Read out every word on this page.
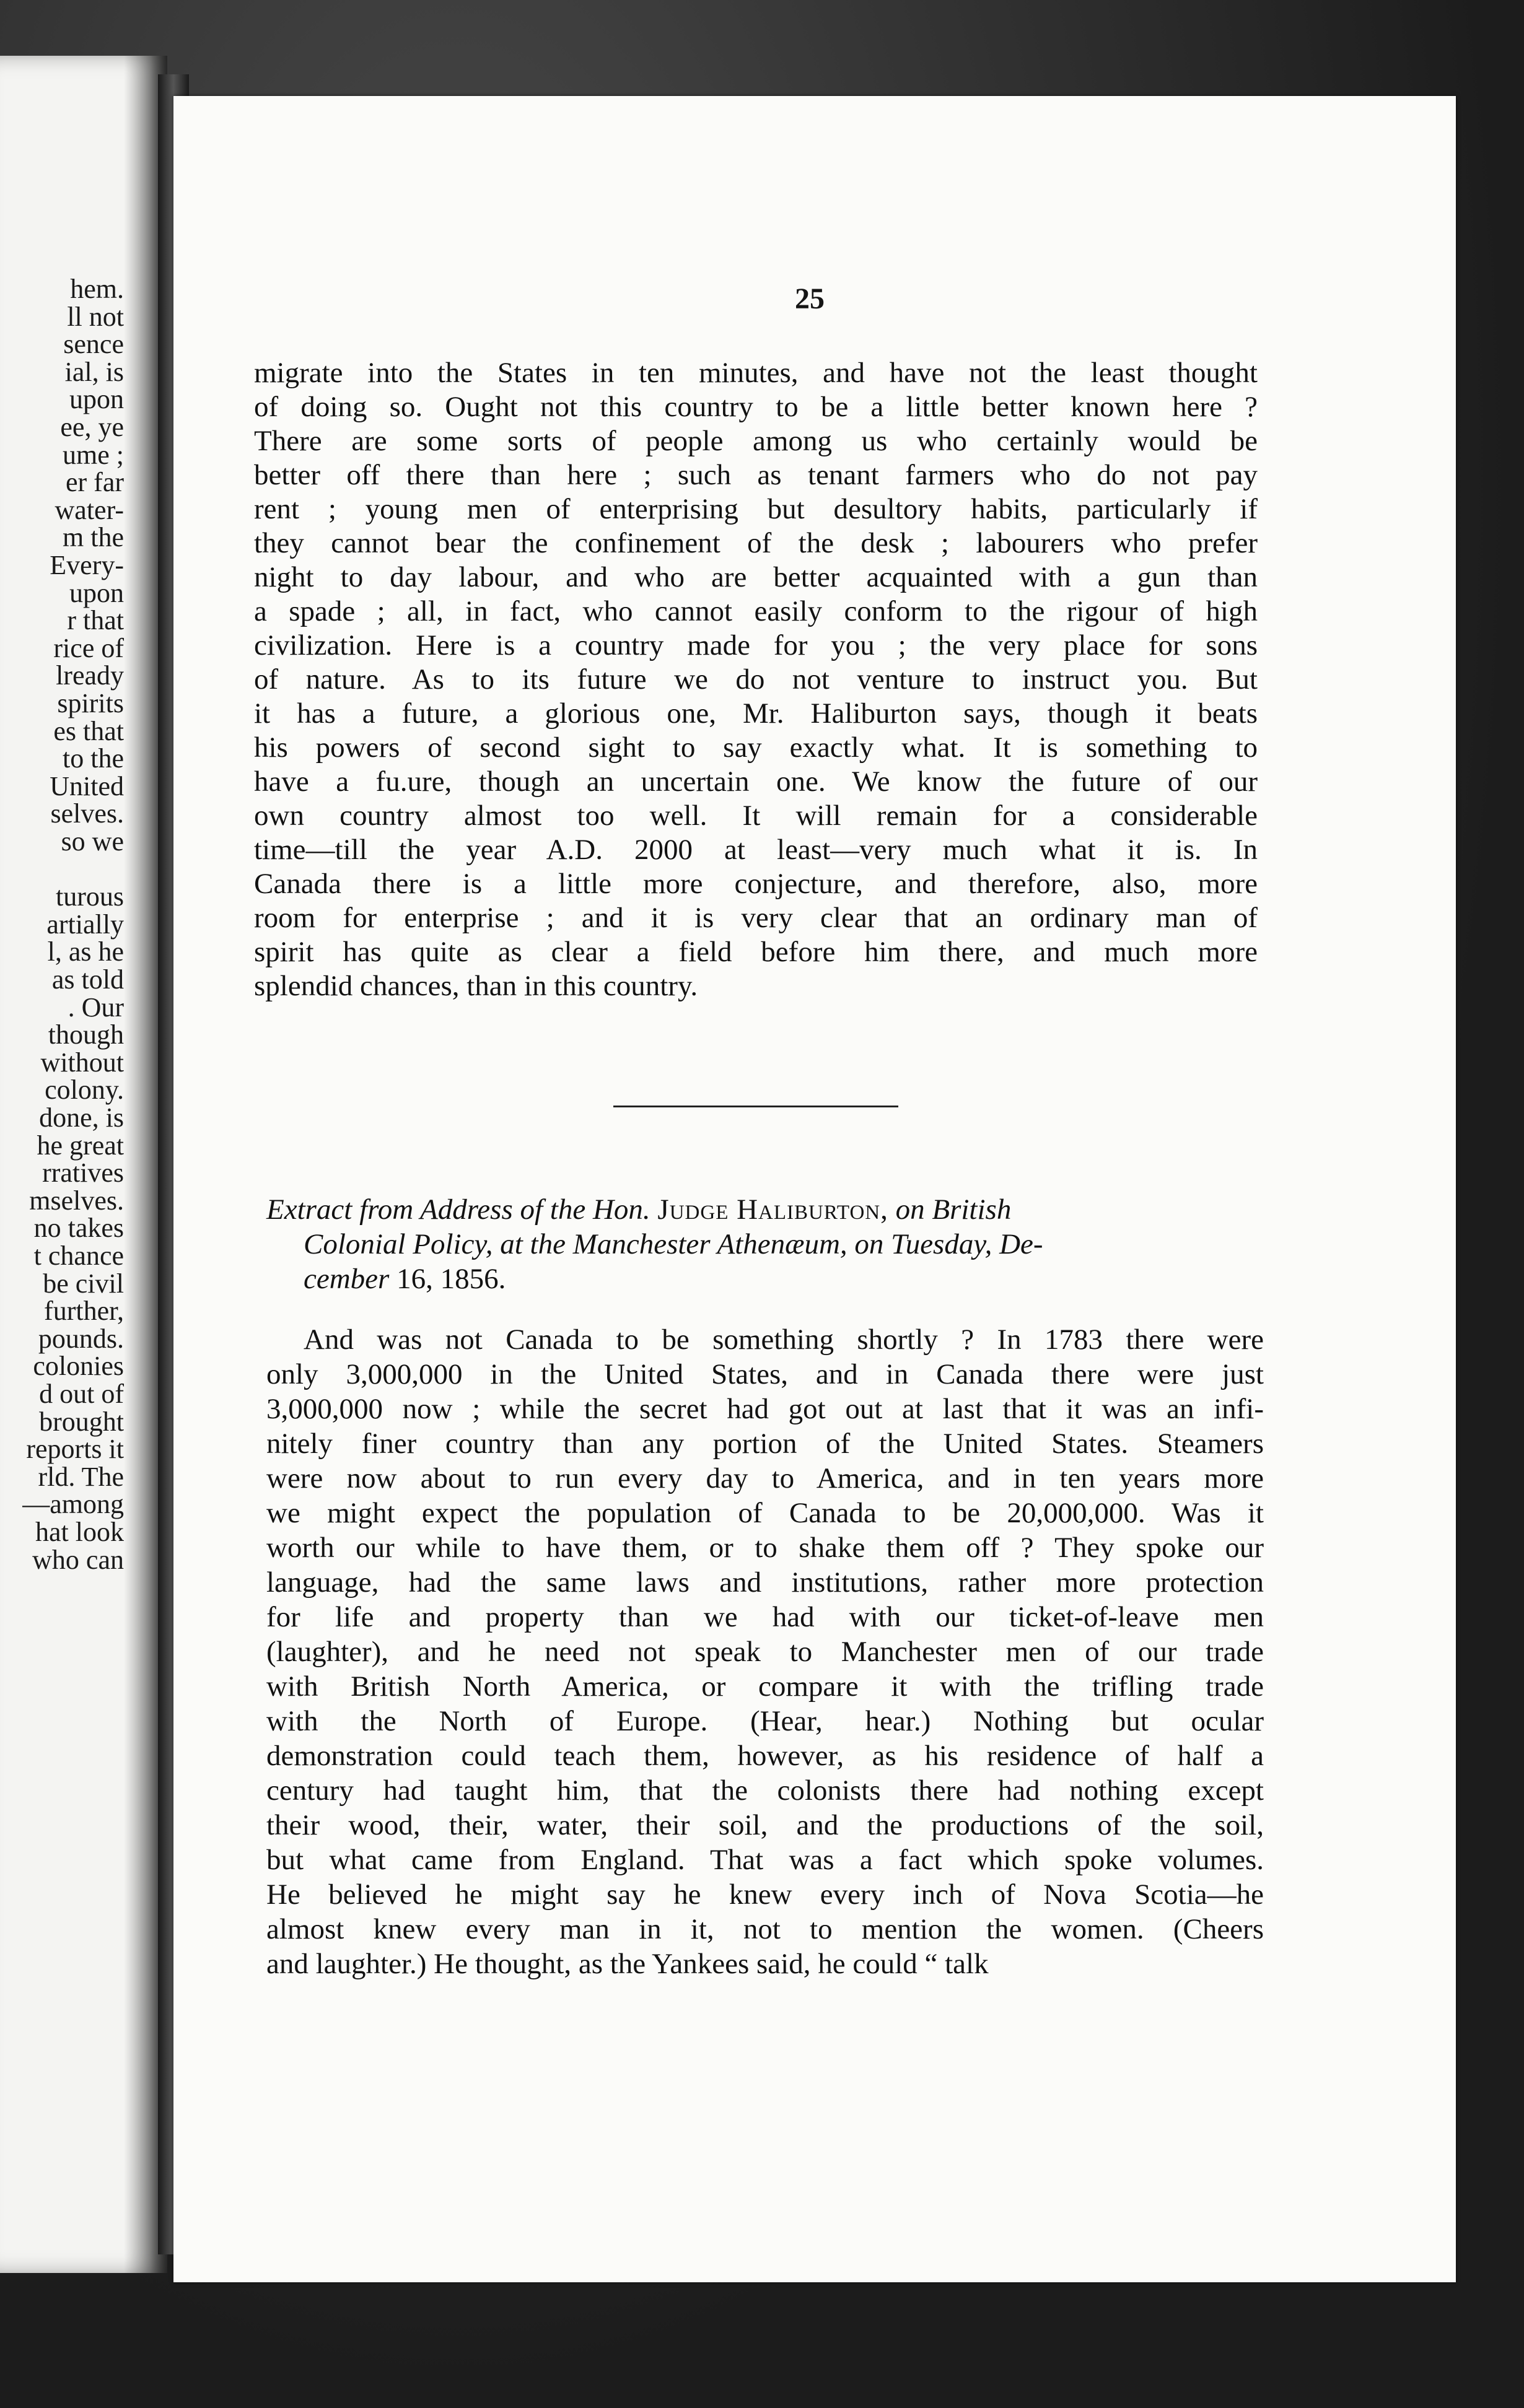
hem.
ll not
sence
ial, is
upon
ee, ye
ume ;
er far
water-
m the
Every-
upon
r that
rice of
lready
spirits
es that
to the
United
selves.
so we
turous
artially
l, as he
as told
. Our
though
without
colony.
done, is
he great
rratives
mselves.
no takes
t chance
be civil
further,
pounds.
colonies
d out of
brought
reports it
rld. The
—among
hat look
who can
25
migrate into the States in ten minutes, and have not the least thought
of doing so. Ought not this country to be a little better known here ?
There are some sorts of people among us who certainly would be
better off there than here ; such as tenant farmers who do not pay
rent ; young men of enterprising but desultory habits, particularly if
they cannot bear the confinement of the desk ; labourers who prefer
night to day labour, and who are better acquainted with a gun than
a spade ; all, in fact, who cannot easily conform to the rigour of high
civilization. Here is a country made for you ; the very place for sons
of nature. As to its future we do not venture to instruct you. But
it has a future, a glorious one, Mr. Haliburton says, though it beats
his powers of second sight to say exactly what. It is something to
have a fu.ure, though an uncertain one. We know the future of our
own country almost too well. It will remain for a considerable
time—till the year A.D. 2000 at least—very much what it is. In
Canada there is a little more conjecture, and therefore, also, more
room for enterprise ; and it is very clear that an ordinary man of
spirit has quite as clear a field before him there, and much more
splendid chances, than in this country.
Extract from Address of the Hon. Judge Haliburton, on British
Colonial Policy, at the Manchester Athenæum, on Tuesday, De-
cember 16, 1856.
And was not Canada to be something shortly ? In 1783 there were
only 3,000,000 in the United States, and in Canada there were just
3,000,000 now ; while the secret had got out at last that it was an infi-
nitely finer country than any portion of the United States. Steamers
were now about to run every day to America, and in ten years more
we might expect the population of Canada to be 20,000,000. Was it
worth our while to have them, or to shake them off ? They spoke our
language, had the same laws and institutions, rather more protection
for life and property than we had with our ticket-of-leave men
(laughter), and he need not speak to Manchester men of our trade
with British North America, or compare it with the trifling trade
with the North of Europe. (Hear, hear.) Nothing but ocular
demonstration could teach them, however, as his residence of half a
century had taught him, that the colonists there had nothing except
their wood, their, water, their soil, and the productions of the soil,
but what came from England. That was a fact which spoke volumes.
He believed he might say he knew every inch of Nova Scotia—he
almost knew every man in it, not to mention the women. (Cheers
and laughter.) He thought, as the Yankees said, he could “ talk
